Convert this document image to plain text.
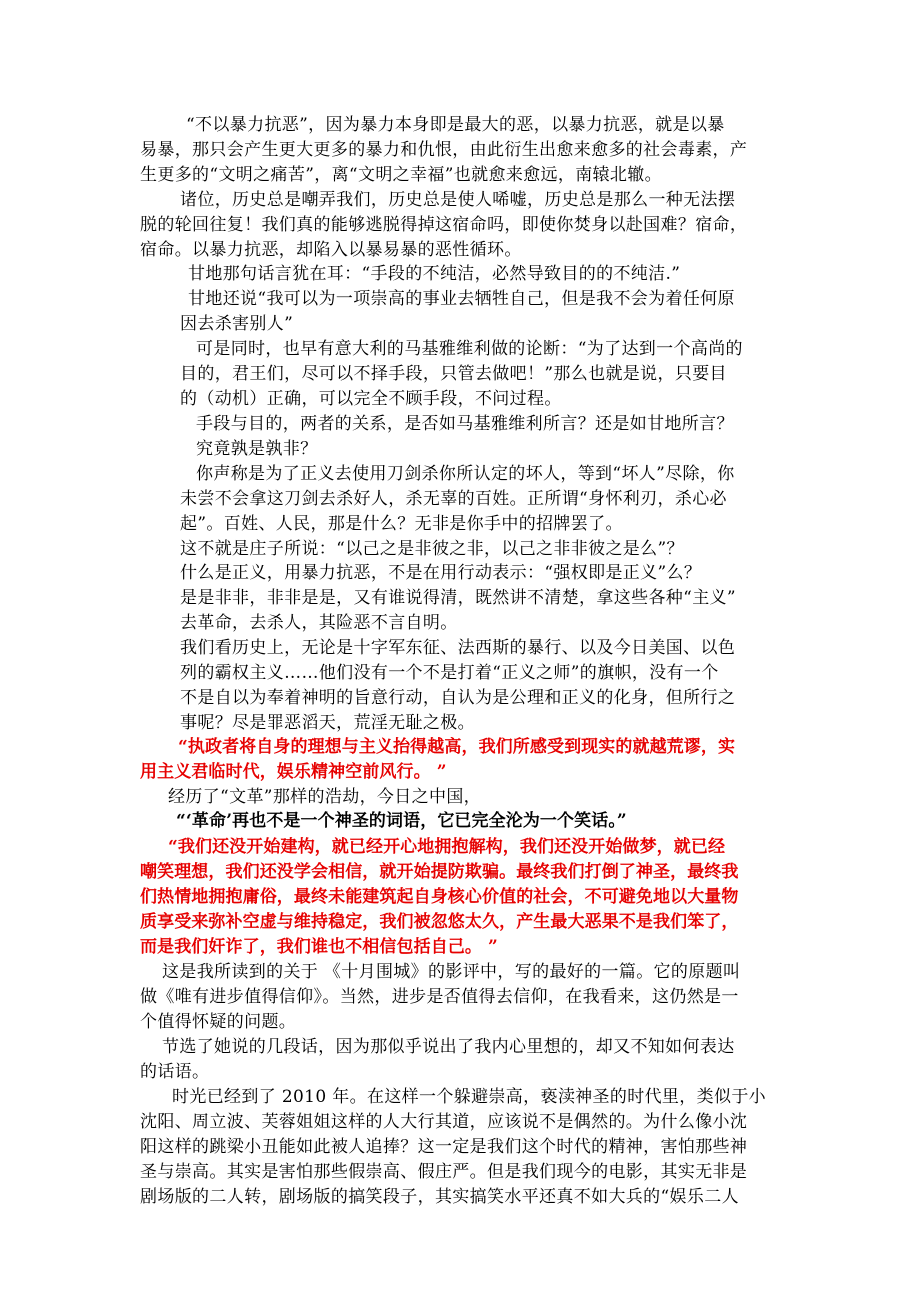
“不以暴力抗恶”，因为暴力本身即是最大的恶，以暴力抗恶，就是以暴
易暴，那只会产生更大更多的暴力和仇恨，由此衍生出愈来愈多的社会毒素，产
生更多的“文明之痛苦”，离“文明之幸福”也就愈来愈远，南辕北辙。
诸位，历史总是嘲弄我们，历史总是使人唏嘘，历史总是那么一种无法摆
脱的轮回往复！我们真的能够逃脱得掉这宿命吗，即使你焚身以赴国难？宿命，
宿命。以暴力抗恶，却陷入以暴易暴的恶性循环。
甘地那句话言犹在耳：“手段的不纯洁，必然导致目的的不纯洁.”
甘地还说“我可以为一项崇高的事业去牺牲自己，但是我不会为着任何原
因去杀害别人”
可是同时，也早有意大利的马基雅维利做的论断：“为了达到一个高尚的
目的，君王们，尽可以不择手段，只管去做吧！”那么也就是说，只要目
的（动机）正确，可以完全不顾手段，不问过程。
手段与目的，两者的关系，是否如马基雅维利所言？还是如甘地所言？
究竟孰是孰非？
你声称是为了正义去使用刀剑杀你所认定的坏人，等到“坏人”尽除，你
未尝不会拿这刀剑去杀好人，杀无辜的百姓。正所谓“身怀利刃，杀心必
起”。百姓、人民，那是什么？无非是你手中的招牌罢了。
这不就是庄子所说：“以己之是非彼之非，以己之非非彼之是么”？
什么是正义，用暴力抗恶，不是在用行动表示：“强权即是正义”么？
是是非非，非非是是，又有谁说得清，既然讲不清楚，拿这些各种“主义”
去革命，去杀人，其险恶不言自明。
我们看历史上，无论是十字军东征、法西斯的暴行、以及今日美国、以色
列的霸权主义……他们没有一个不是打着“正义之师”的旗帜，没有一个
不是自以为奉着神明的旨意行动，自认为是公理和正义的化身，但所行之
事呢？尽是罪恶滔天，荒淫无耻之极。
“执政者将自身的理想与主义抬得越高，我们所感受到现实的就越荒谬，实
用主义君临时代，娱乐精神空前风行。 ”
经历了“文革”那样的浩劫，今日之中国，
“‘革命’再也不是一个神圣的词语，它已完全沦为一个笑话。”
“我们还没开始建构，就已经开心地拥抱解构，我们还没开始做梦，就已经
嘲笑理想，我们还没学会相信，就开始提防欺骗。最终我们打倒了神圣，最终我
们热情地拥抱庸俗，最终未能建筑起自身核心价值的社会，不可避免地以大量物
质享受来弥补空虚与维持稳定，我们被忽悠太久，产生最大恶果不是我们笨了，
而是我们奸诈了，我们谁也不相信包括自己。 ”
这是我所读到的关于 《十月围城》的影评中，写的最好的一篇。它的原题叫
做《唯有进步值得信仰》。当然，进步是否值得去信仰，在我看来，这仍然是一
个值得怀疑的问题。
节选了她说的几段话，因为那似乎说出了我内心里想的，却又不知如何表达
的话语。
时光已经到了 2010 年。在这样一个躲避崇高，亵渎神圣的时代里，类似于小
沈阳、周立波、芙蓉姐姐这样的人大行其道，应该说不是偶然的。为什么像小沈
阳这样的跳梁小丑能如此被人追捧？这一定是我们这个时代的精神，害怕那些神
圣与崇高。其实是害怕那些假崇高、假庄严。但是我们现今的电影，其实无非是
剧场版的二人转，剧场版的搞笑段子，其实搞笑水平还真不如大兵的“娱乐二人
